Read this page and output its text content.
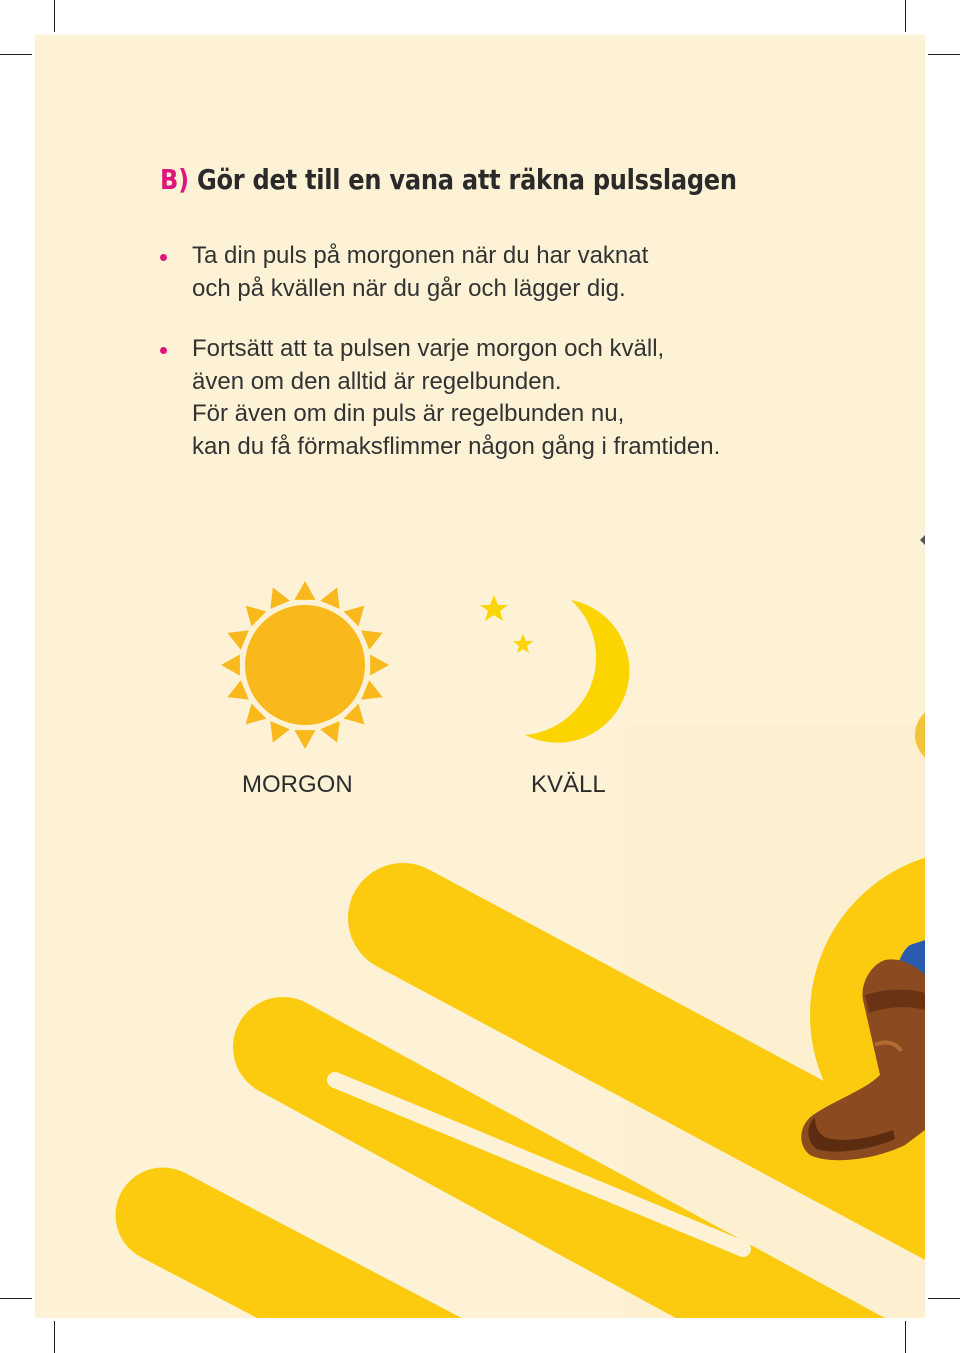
B) Gör det till en vana att räkna pulsslagen
Ta din puls på morgonen när du har vaknat
och på kvällen när du går och lägger dig.
Fortsätt att ta pulsen varje morgon och kväll,
även om den alltid är regelbunden.
För även om din puls är regelbunden nu,
kan du få förmaksflimmer någon gång i framtiden.
MORGON	KVÄLL
